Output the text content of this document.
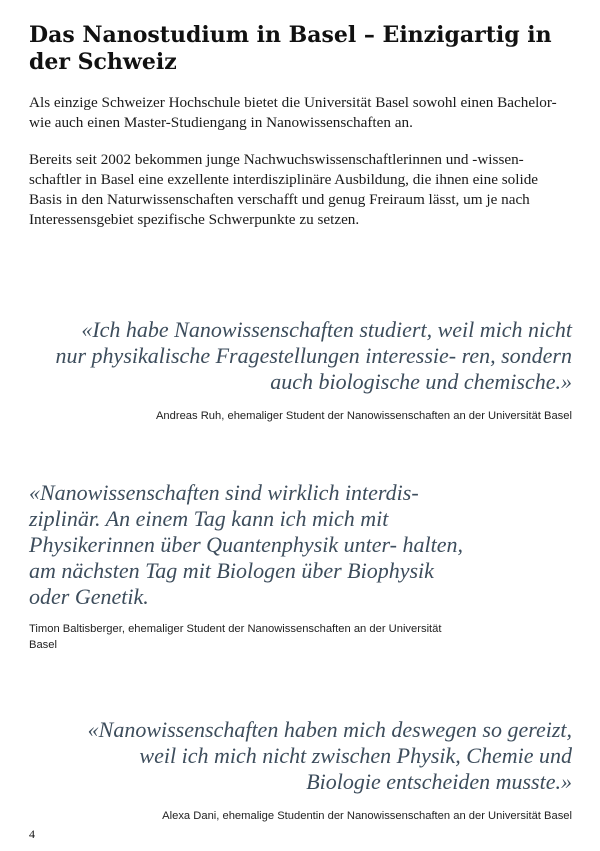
Das Nanostudium in Basel – Einzigartig in der Schweiz

Als einzige Schweizer Hochschule bietet die Universität Basel sowohl einen Bachelor- wie auch einen Master-Studiengang in Nanowissenschaften an.

Bereits seit 2002 bekommen junge Nachwuchswissenschaftlerinnen und -wissen- schaftler in Basel eine exzellente interdisziplinäre Ausbildung, die ihnen eine solide Basis in den Naturwissenschaften verschafft und genug Freiraum lässt, um je nach Interessensgebiet spezifische Schwerpunkte zu setzen.

«Ich habe Nanowissenschaften studiert, weil mich nicht nur physikalische Fragestellungen interessie- ren, sondern auch biologische und chemische.»

Andreas Ruh, ehemaliger Student der Nanowissenschaften an der Universität Basel

«Nanowissenschaften sind wirklich interdis- ziplinär. An einem Tag kann ich mich mit Physikerinnen über Quantenphysik unter- halten, am nächsten Tag mit Biologen über Biophysik oder Genetik.

Timon Baltisberger, ehemaliger Student der Nanowissenschaften an der Universität Basel

«Nanowissenschaften haben mich deswegen so gereizt, weil ich mich nicht zwischen Physik, Chemie und Biologie entscheiden musste.»

Alexa Dani, ehemalige Studentin der Nanowissenschaften an der Universität Basel

4
